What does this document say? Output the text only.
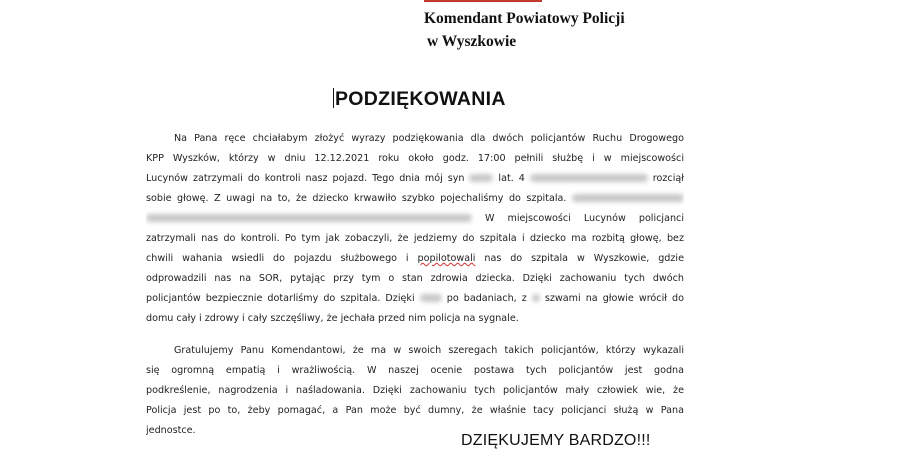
Komendant Powiatowy Policji
w Wyszkowie
PODZIĘKOWANIA
Na Pana ręce chciałabym złożyć wyrazy podziękowania dla dwóch policjantów Ruchu Drogowego
KPP Wyszków, którzy w dniu 12.12.2021 roku około godz. 17:00 pełnili służbę i w miejscowości
Lucynów zatrzymali do kontroli nasz pojazd. Tego dnia mój syn	lat. 4	rozciął
sobie głowę. Z uwagi na to, że dziecko krwawiło szybko pojechaliśmy do szpitala.
W miejscowości Lucynów policjanci
zatrzymali nas do kontroli. Po tym jak zobaczyli, że jedziemy do szpitala i dziecko ma rozbitą głowę, bez
chwili wahania wsiedli do pojazdu służbowego i popilotowali nas do szpitala w Wyszkowie, gdzie
odprowadzili nas na SOR, pytając przy tym o stan zdrowia dziecka. Dzięki zachowaniu tych dwóch
policjantów bezpiecznie dotarliśmy do szpitala. Dzięki	po badaniach, z szwami na głowie wrócił do
domu cały i zdrowy i cały szczęśliwy, że jechała przed nim policja na sygnale.
Gratulujemy Panu Komendantowi, że ma w swoich szeregach takich policjantów, którzy wykazali
się ogromną empatią i wrażliwością. W naszej ocenie postawa tych policjantów jest godna
podkreślenie, nagrodzenia i naśladowania. Dzięki zachowaniu tych policjantów mały człowiek wie, że
Policja jest po to, żeby pomagać, a Pan może być dumny, że właśnie tacy policjanci służą w Pana
jednostce.
DZIĘKUJEMY BARDZO!!!
